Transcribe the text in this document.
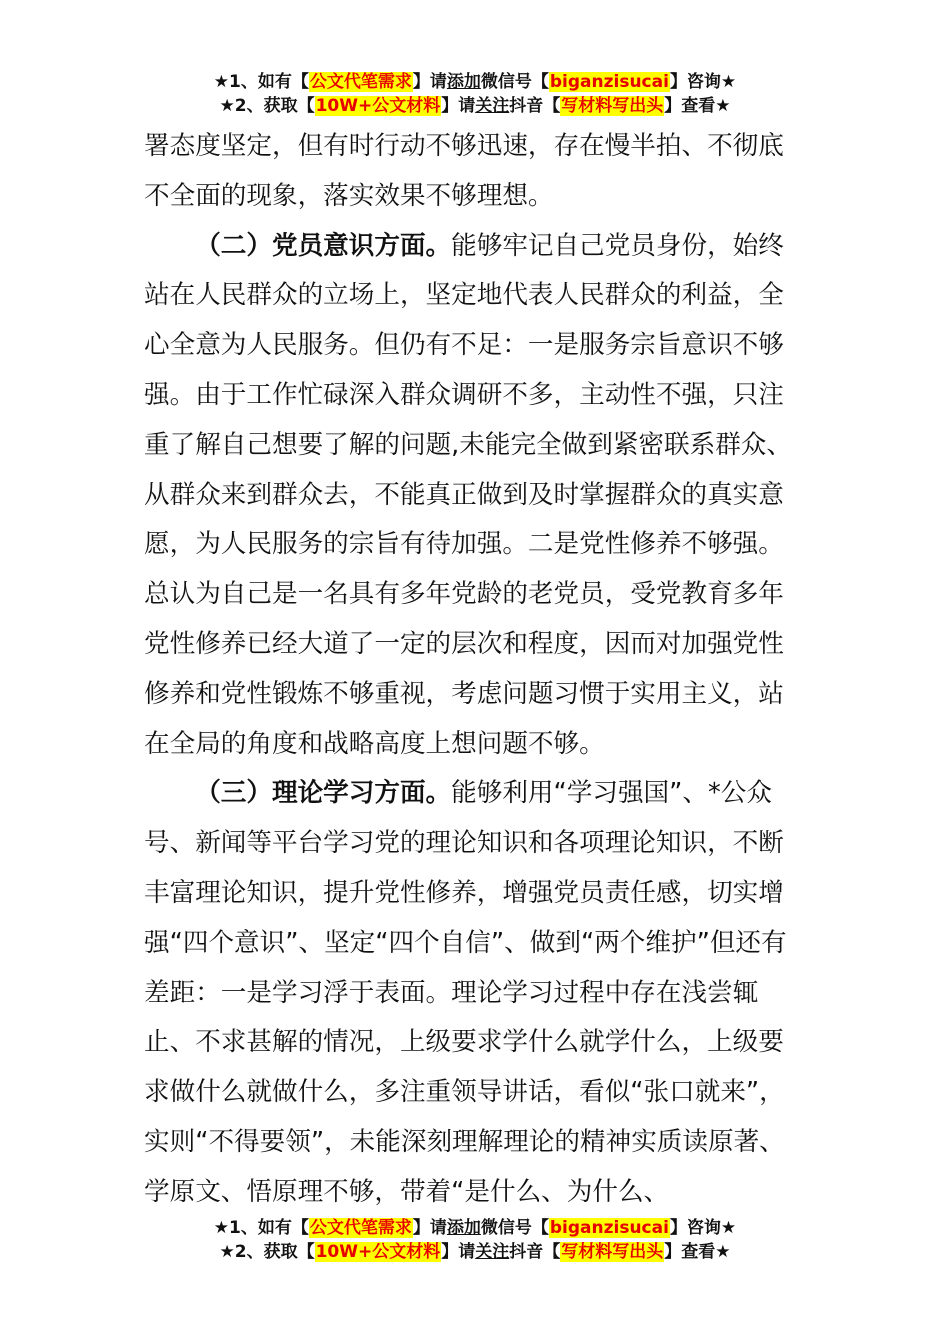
★1、如有【公文代笔需求】请添加微信号【biganzisucai】咨询★
★2、获取【10W+公文材料】请关注抖音【写材料写出头】查看★

署态度坚定，但有时行动不够迅速，存在慢半拍、不彻底不全面的现象，落实效果不够理想。

（二）党员意识方面。能够牢记自己党员身份，始终站在人民群众的立场上，坚定地代表人民群众的利益，全心全意为人民服务。但仍有不足：一是服务宗旨意识不够强。由于工作忙碌深入群众调研不多，主动性不强，只注重了解自己想要了解的问题,未能完全做到紧密联系群众、从群众来到群众去，不能真正做到及时掌握群众的真实意愿，为人民服务的宗旨有待加强。二是党性修养不够强。总认为自己是一名具有多年党龄的老党员，受党教育多年党性修养已经大道了一定的层次和程度，因而对加强党性修养和党性锻炼不够重视，考虑问题习惯于实用主义，站在全局的角度和战略高度上想问题不够。

（三）理论学习方面。能够利用“学习强国”、*公众号、新闻等平台学习党的理论知识和各项理论知识，不断丰富理论知识，提升党性修养，增强党员责任感，切实增强“四个意识”、坚定“四个自信”、做到“两个维护”但还有差距：一是学习浮于表面。理论学习过程中存在浅尝辄止、不求甚解的情况，上级要求学什么就学什么，上级要求做什么就做什么，多注重领导讲话，看似“张口就来”，实则“不得要领”，未能深刻理解理论的精神实质读原著、学原文、悟原理不够，带着“是什么、为什么、

★1、如有【公文代笔需求】请添加微信号【biganzisucai】咨询★
★2、获取【10W+公文材料】请关注抖音【写材料写出头】查看★
